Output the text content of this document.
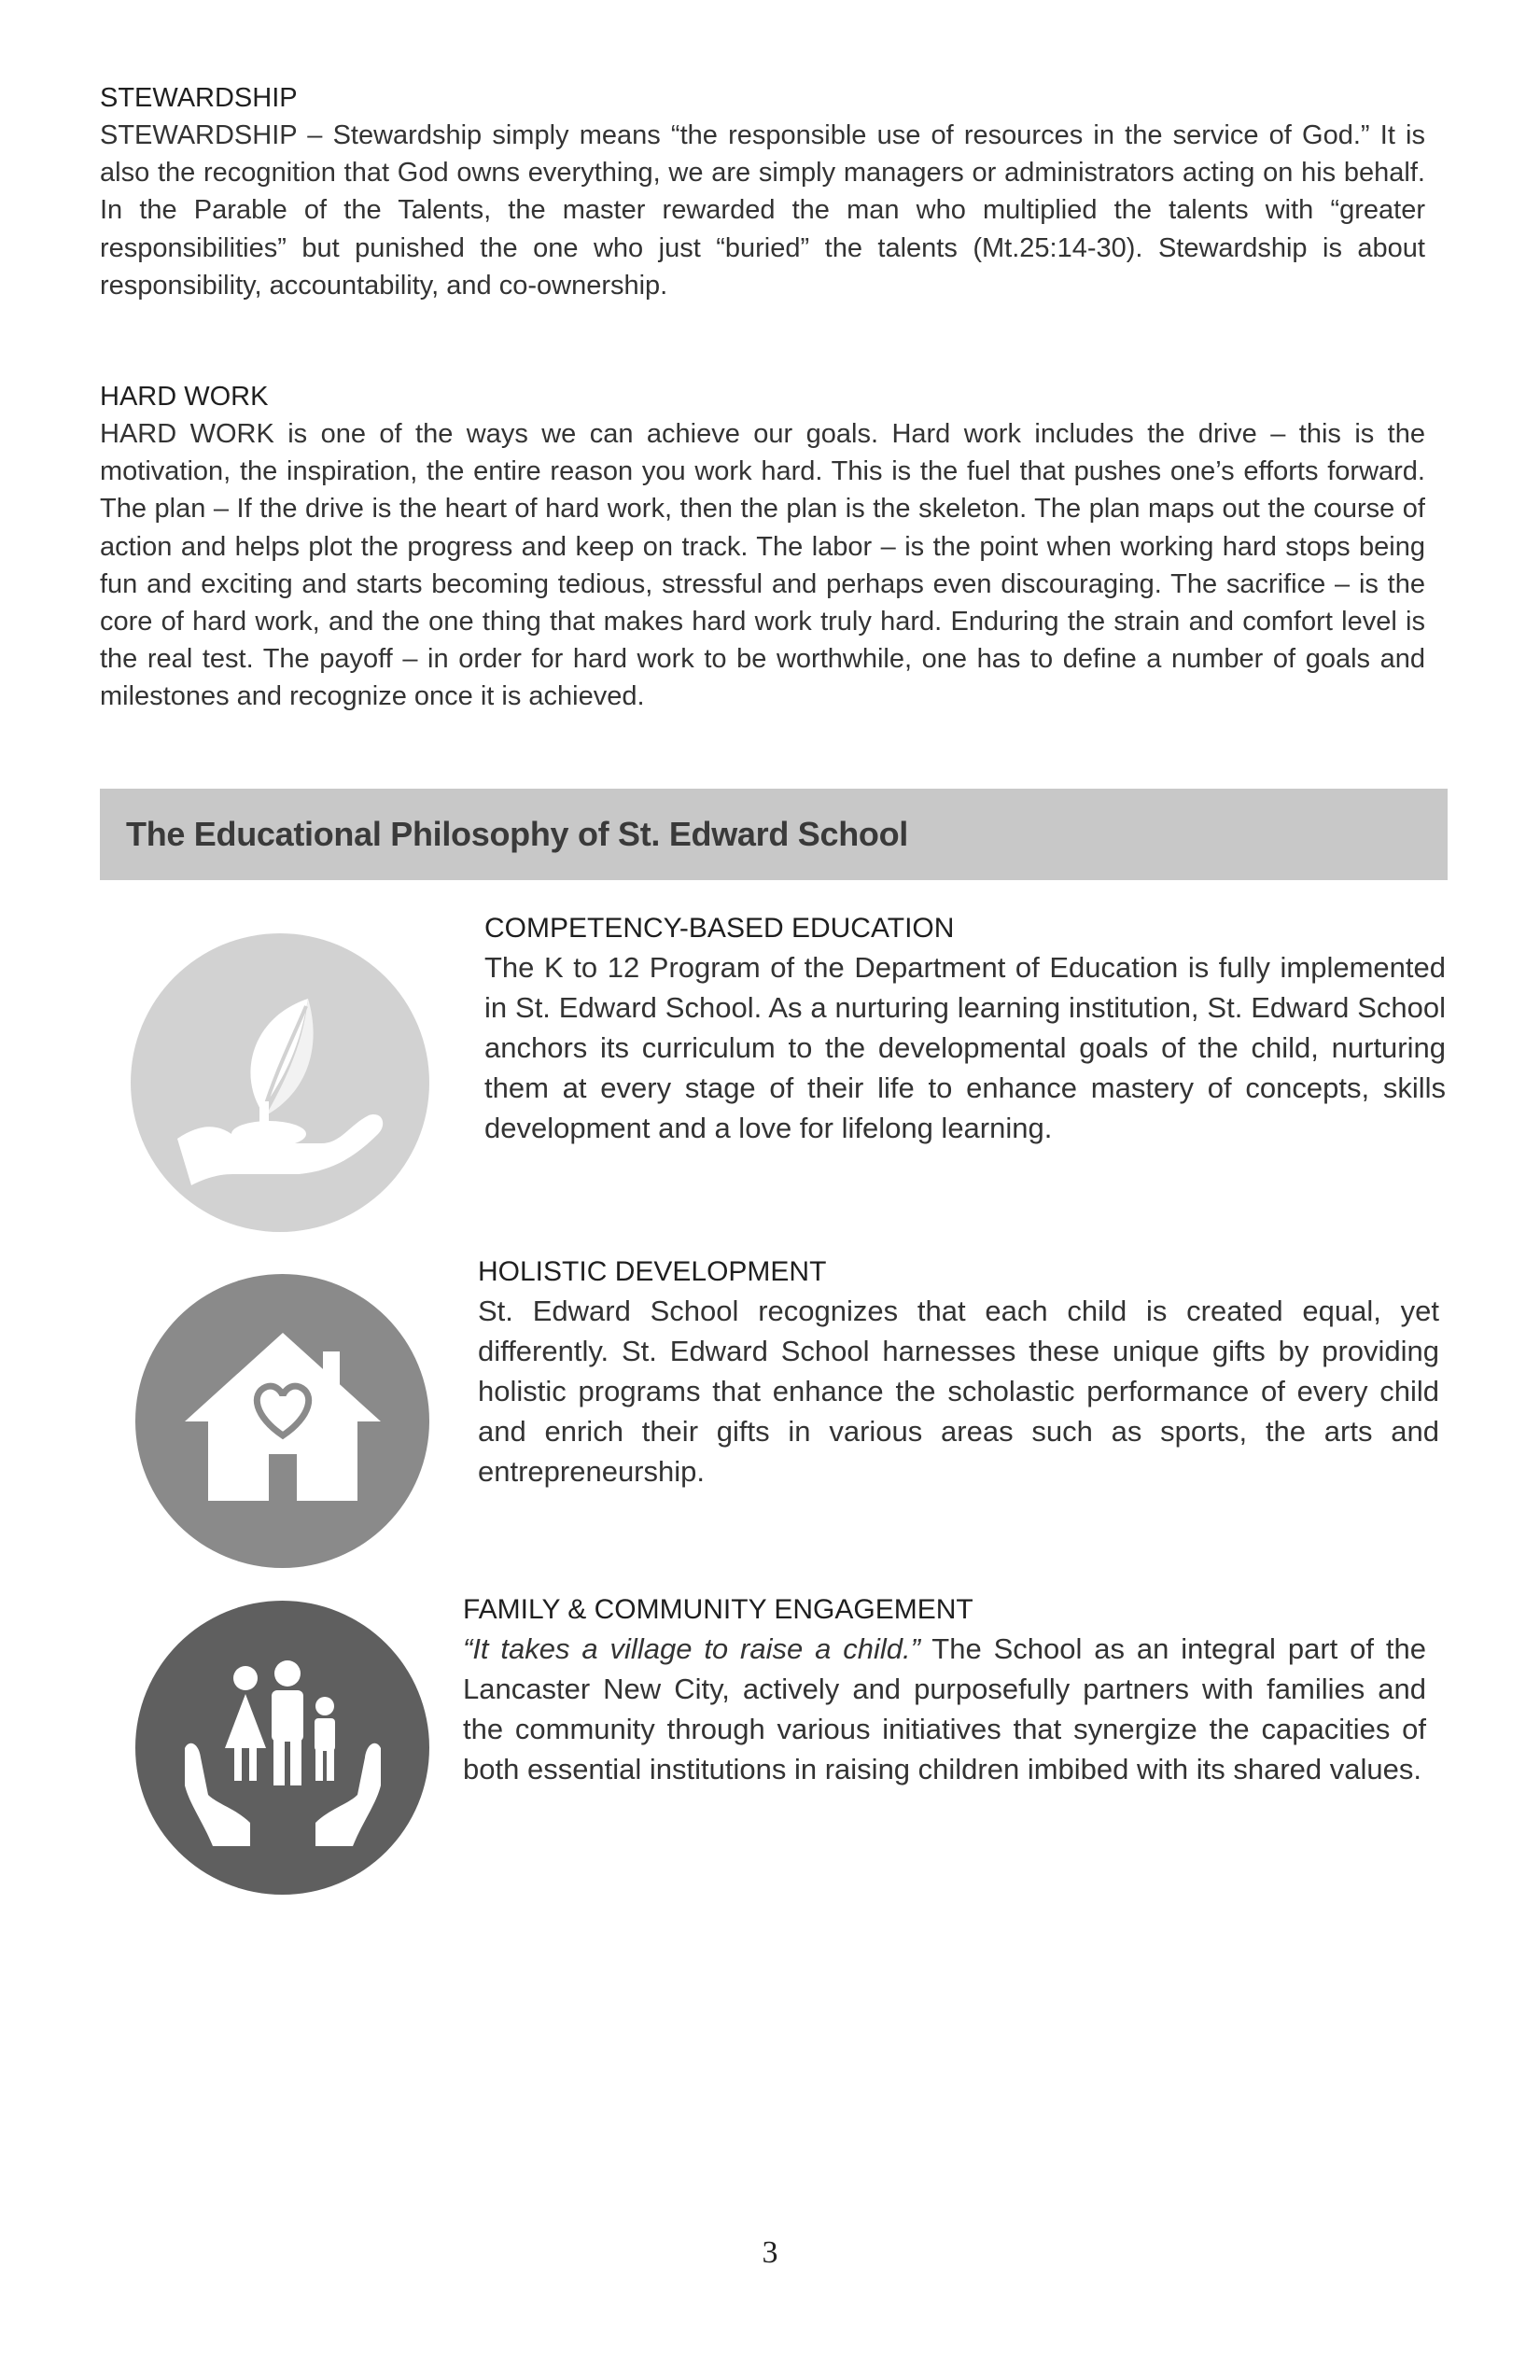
STEWARDSHIP

STEWARDSHIP – Stewardship simply means “the responsible use of resources in the service of God.” It is also the recognition that God owns everything, we are simply managers or administrators acting on his behalf. In the Parable of the Talents, the master rewarded the man who multiplied the talents with “greater responsibilities” but punished the one who just “buried” the talents (Mt.25:14-30). Stewardship is about responsibility, accountability, and co-ownership.

HARD WORK

HARD WORK is one of the ways we can achieve our goals. Hard work includes the drive – this is the motivation, the inspiration, the entire reason you work hard. This is the fuel that pushes one’s efforts forward. The plan – If the drive is the heart of hard work, then the plan is the skeleton. The plan maps out the course of action and helps plot the progress and keep on track. The labor – is the point when working hard stops being fun and exciting and starts becoming tedious, stressful and perhaps even discouraging. The sacrifice – is the core of hard work, and the one thing that makes hard work truly hard. Enduring the strain and comfort level is the real test. The payoff – in order for hard work to be worthwhile, one has to define a number of goals and milestones and recognize once it is achieved.

The Educational Philosophy of St. Edward School

COMPETENCY-BASED EDUCATION

The K to 12 Program of the Department of Education is fully implemented in St. Edward School. As a nurturing learning institution, St. Edward School anchors its curriculum to the developmental goals of the child, nurturing them at every stage of their life to enhance mastery of concepts, skills development and a love for lifelong learning.

HOLISTIC DEVELOPMENT

St. Edward School recognizes that each child is created equal, yet differently. St. Edward School harnesses these unique gifts by providing holistic programs that enhance the scholastic performance of every child and enrich their gifts in various areas such as sports, the arts and entrepreneurship.

FAMILY & COMMUNITY ENGAGEMENT

“It takes a village to raise a child.” The School as an integral part of the Lancaster New City, actively and purposefully partners with families and the community through various initiatives that synergize the capacities of both essential institutions in raising children imbibed with its shared values.

3
